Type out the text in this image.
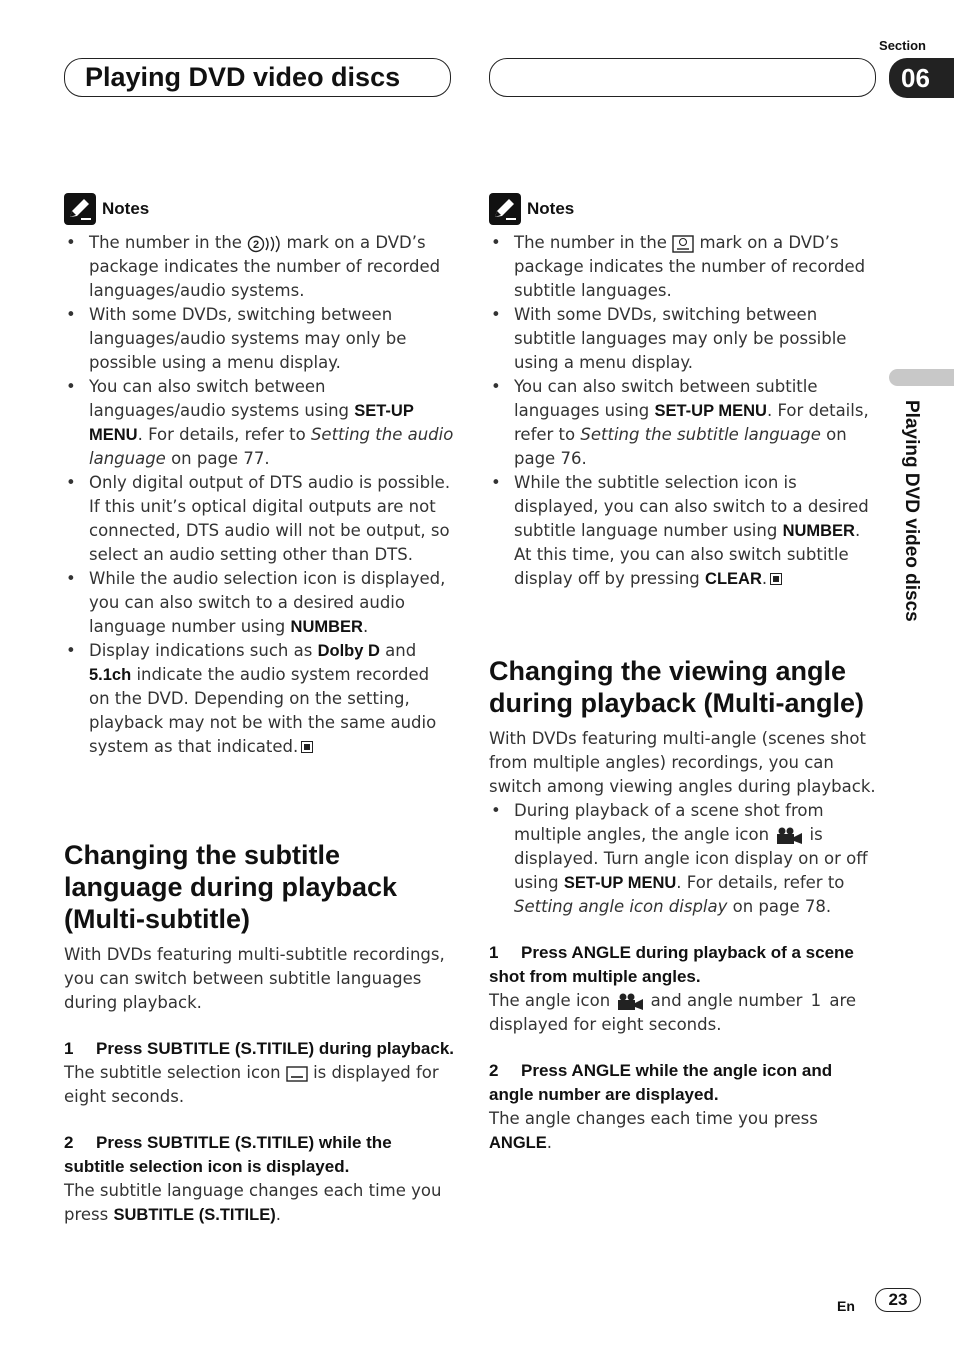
Playing DVD video discs
Section
06
Playing DVD video discs
Notes
• The number in the 2 mark on a DVD’s package indicates the number of recorded languages/audio systems.
• With some DVDs, switching between languages/audio systems may only be possible using a menu display.
• You can also switch between languages/audio systems using SET-UP MENU. For details, refer to Setting the audio language on page 77.
• Only digital output of DTS audio is possible. If this unit’s optical digital outputs are not connected, DTS audio will not be output, so select an audio setting other than DTS.
• While the audio selection icon is displayed, you can also switch to a desired audio language number using NUMBER.
• Display indications such as Dolby D and 5.1ch indicate the audio system recorded on the DVD. Depending on the setting, playback may not be with the same audio system as that indicated.
Changing the subtitle language during playback (Multi-subtitle)
With DVDs featuring multi-subtitle recordings, you can switch between subtitle languages during playback.
1 Press SUBTITLE (S.TITILE) during playback.
The subtitle selection icon  is displayed for eight seconds.
2 Press SUBTITLE (S.TITILE) while the subtitle selection icon is displayed.
The subtitle language changes each time you press SUBTITLE (S.TITILE).
Notes
• The number in the  mark on a DVD’s package indicates the number of recorded subtitle languages.
• With some DVDs, switching between subtitle languages may only be possible using a menu display.
• You can also switch between subtitle languages using SET-UP MENU. For details, refer to Setting the subtitle language on page 76.
• While the subtitle selection icon is displayed, you can also switch to a desired subtitle language number using NUMBER. At this time, you can also switch subtitle display off by pressing CLEAR.
Changing the viewing angle during playback (Multi-angle)
With DVDs featuring multi-angle (scenes shot from multiple angles) recordings, you can switch among viewing angles during playback.
• During playback of a scene shot from multiple angles, the angle icon  is displayed. Turn angle icon display on or off using SET-UP MENU. For details, refer to Setting angle icon display on page 78.
1 Press ANGLE during playback of a scene shot from multiple angles.
The angle icon  and angle number 1 are displayed for eight seconds.
2 Press ANGLE while the angle icon and angle number are displayed.
The angle changes each time you press ANGLE.
En	23
